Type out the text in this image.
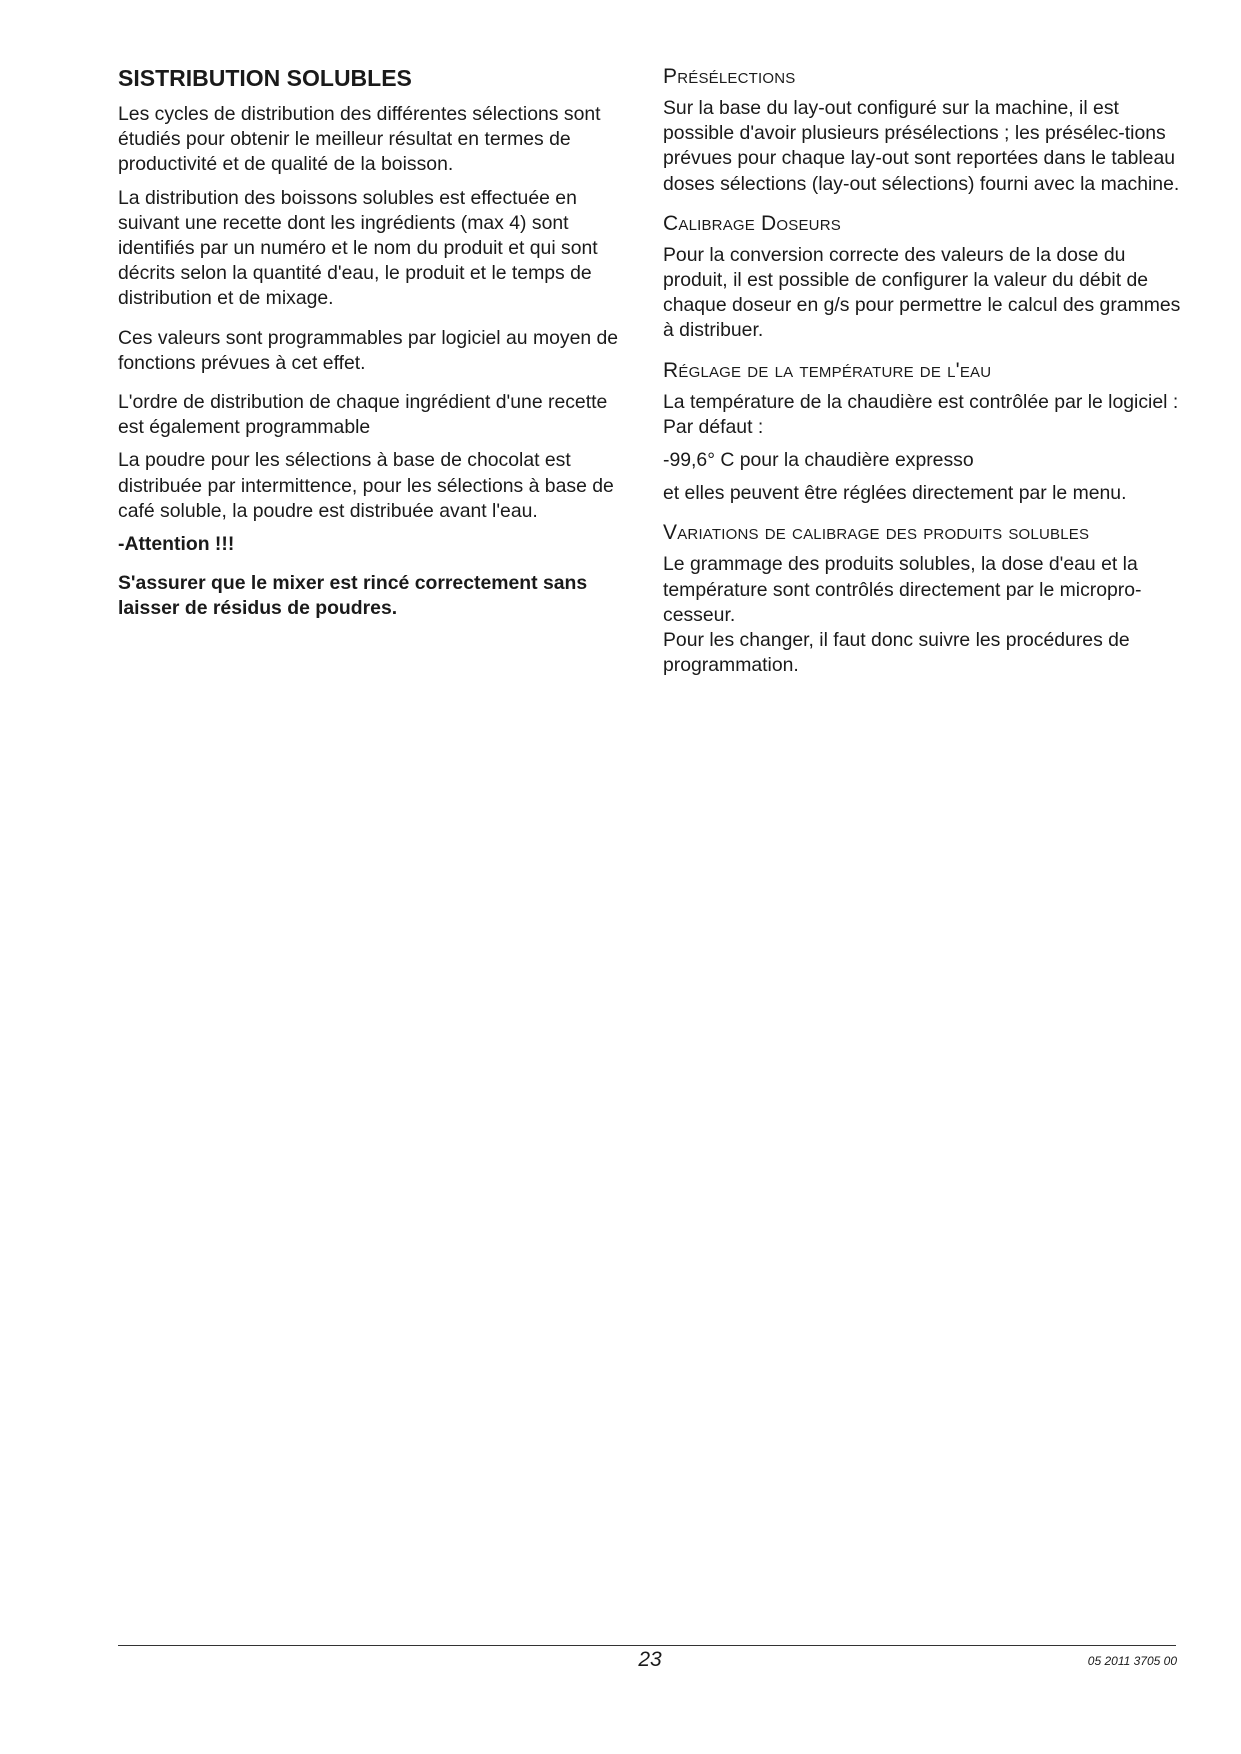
SISTRIBUTION SOLUBLES

Les cycles de distribution des différentes sélections sont étudiés pour obtenir le meilleur résultat en termes de productivité et de qualité de la boisson.

La distribution des boissons solubles est effectuée en suivant une recette dont les ingrédients (max 4) sont identifiés par un numéro et le nom du produit et qui sont décrits selon la quantité d'eau, le produit et le temps de distribution et de mixage.

Ces valeurs sont programmables par logiciel au moyen de fonctions prévues à cet effet.

L'ordre de distribution de chaque ingrédient d'une recette est également programmable

La poudre pour les sélections à base de chocolat est distribuée par intermittence, pour les sélections à base de café soluble, la poudre est distribuée avant l'eau.

-Attention !!!

S'assurer que le mixer est rincé correctement sans laisser de résidus de poudres.

Présélections

Sur la base du lay-out configuré sur la machine, il est possible d'avoir plusieurs présélections ; les présélec-tions prévues pour chaque lay-out sont reportées dans le tableau doses sélections (lay-out sélections) fourni avec la machine.

Calibrage Doseurs

Pour la conversion correcte des valeurs de la dose du produit, il est possible de configurer la valeur du débit de chaque doseur en g/s pour permettre le calcul des grammes à distribuer.

Réglage de la température de l'eau

La température de la chaudière est contrôlée par le logiciel :

Par défaut :

-99,6° C pour la chaudière expresso

et elles peuvent être réglées directement par le menu.

Variations de calibrage des produits solubles

Le grammage des produits solubles, la dose d'eau et la température sont contrôlés directement par le micropro-cesseur.

Pour les changer, il faut donc suivre les procédures de programmation.

23	05 2011 3705 00
